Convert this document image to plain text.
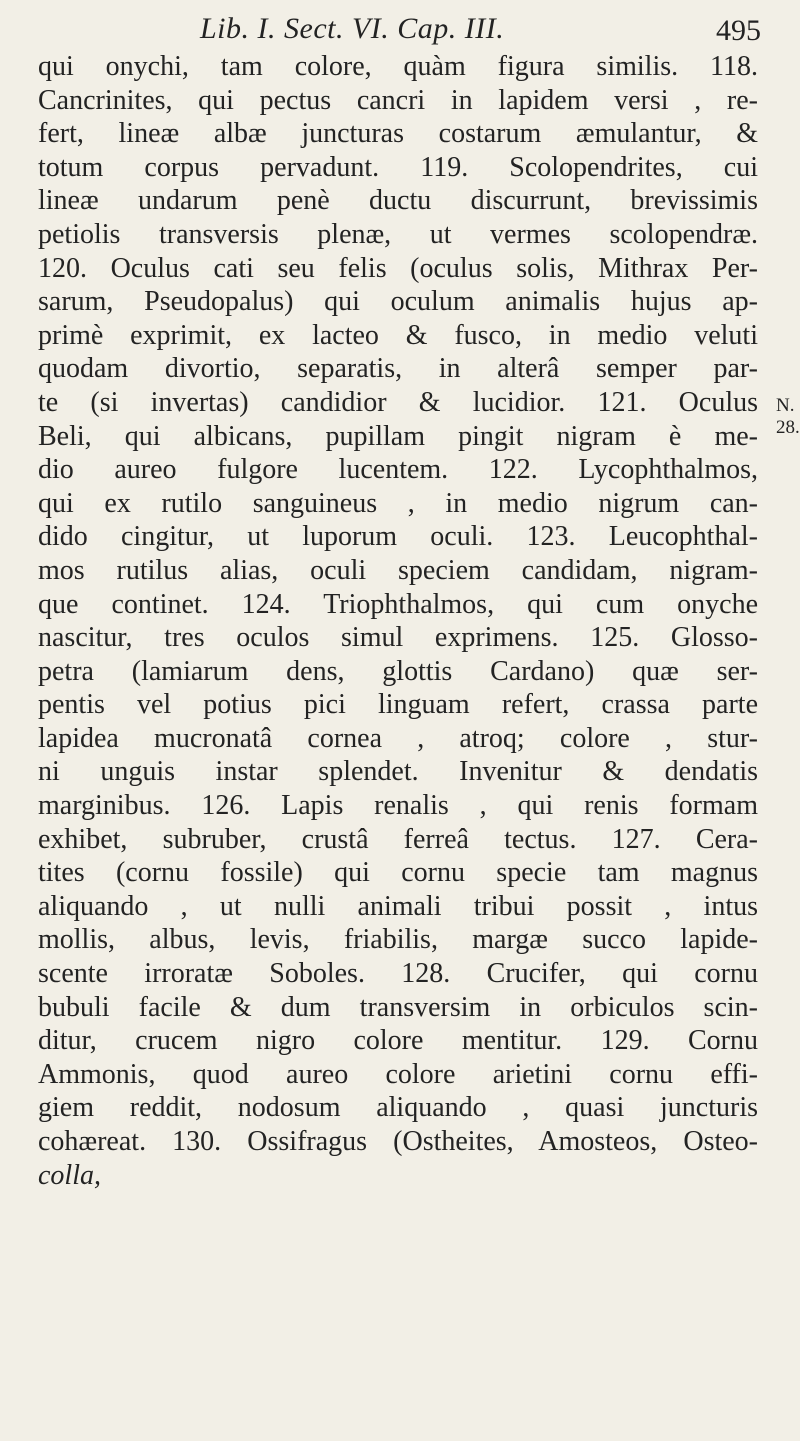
Lib. I. Sect. VI. Cap. III.	495
N.
28.
qui onychi, tam colore, quàm figura similis. 118.
Cancrinites, qui pectus cancri in lapidem versi , re-
fert, lineæ albæ juncturas costarum æmulantur, &
totum corpus pervadunt. 119. Scolopendrites, cui
lineæ undarum penè ductu discurrunt, brevissimis
petiolis transversis plenæ, ut vermes scolopendræ.
120. Oculus cati seu felis (oculus solis, Mithrax Per-
sarum, Pseudopalus) qui oculum animalis hujus ap-
primè exprimit, ex lacteo & fusco, in medio veluti
quodam divortio, separatis, in alterâ semper par-
te (si invertas) candidior & lucidior. 121. Oculus
Beli, qui albicans, pupillam pingit nigram è me-
dio aureo fulgore lucentem. 122. Lycophthalmos,
qui ex rutilo sanguineus , in medio nigrum can-
dido cingitur, ut luporum oculi. 123. Leucophthal-
mos rutilus alias, oculi speciem candidam, nigram-
que continet. 124. Triophthalmos, qui cum onyche
nascitur, tres oculos simul exprimens. 125. Glosso-
petra (lamiarum dens, glottis Cardano) quæ ser-
pentis vel potius pici linguam refert, crassa parte
lapidea mucronatâ cornea , atroq; colore , stur-
ni unguis instar splendet. Invenitur & dendatis
marginibus. 126. Lapis renalis , qui renis formam
exhibet, subruber, crustâ ferreâ tectus. 127. Cera-
tites (cornu fossile) qui cornu specie tam magnus
aliquando , ut nulli animali tribui possit , intus
mollis, albus, levis, friabilis, margæ succo lapide-
scente irroratæ Soboles. 128. Crucifer, qui cornu
bubuli facile & dum transversim in orbiculos scin-
ditur, crucem nigro colore mentitur. 129. Cornu
Ammonis, quod aureo colore arietini cornu effi-
giem reddit, nodosum aliquando , quasi juncturis
cohæreat. 130. Ossifragus (Ostheites, Amosteos, Osteo-
colla,
